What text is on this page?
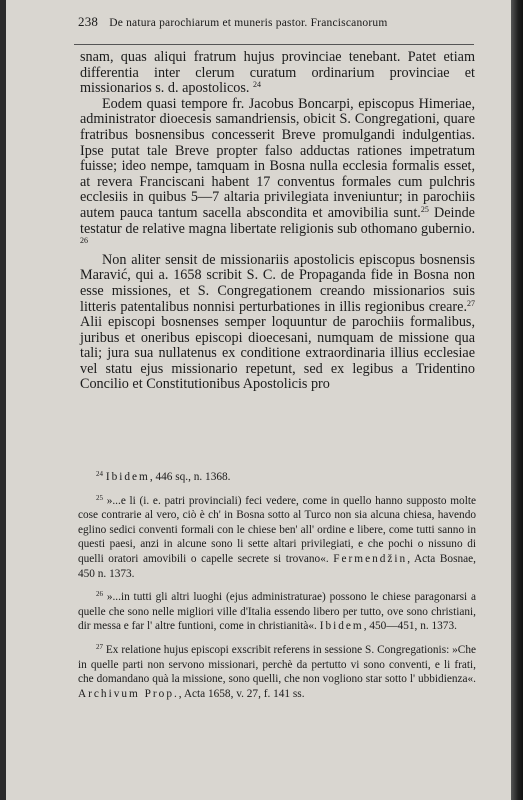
238 De natura parochiarum et muneris pastor. Franciscanorum

snam, quas aliqui fratrum hujus provinciae tenebant. Patet etiam differentia inter clerum curatum ordinarium provinciae et missionarios s. d. apostolicos. $^{24}$

Eodem quasi tempore fr. Jacobus Boncarpi, episcopus Himeriae, administrator dioecesis samandriensis, obicit S. Congregationi, quare fratribus bosnensibus concesserit Breve promulgandi indulgentias. Ipse putat tale Breve propter falso adductas rationes impetratum fuisse; ideo nempe, tamquam in Bosna nulla ecclesia formalis esset, at revera Franciscani habent 17 conventus formales cum pulchris ecclesiis in quibus 5—7 altaria privilegiata inveniuntur; in parochiis autem pauca tantum sacella abscondita et amovibilia sunt.$^{25}$ Deinde testatur de relative magna libertate religionis sub othomano gubernio. $^{26}$

Non aliter sensit de missionariis apostolicis episcopus bosnensis Maravić, qui a. 1658 scribit S. C. de Propaganda fide in Bosna non esse missiones, et S. Congregationem creando missionarios suis litteris patentalibus nonnisi perturbationes in illis regionibus creare.$^{27}$ Alii episcopi bosnenses semper loquuntur de parochiis formalibus, juribus et oneribus episcopi dioecesani, numquam de missione qua tali; jura sua nullatenus ex conditione extraordinaria illius ecclesiae vel statu ejus missionario repetunt, sed ex legibus a Tridentino Concilio et Constitutionibus Apostolicis pro

$^{24}$ Ibidem, 446 sq., n. 1368.

$^{25}$ »...e li (i. e. patri provinciali) feci vedere, come in quello hanno supposto molte cose contrarie al vero, ciò è ch' in Bosna sotto al Turco non sia alcuna chiesa, havendo eglino sedici conventi formali con le chiese ben' all' ordine e libere, come tutti sanno in questi paesi, anzi in alcune sono li sette altari privilegiati, e che pochi o nissuno di quelli oratori amovibili o capelle secrete si trovano«. Fermendžin, Acta Bosnae, 450 n. 1373.

$^{26}$ »...in tutti gli altri luoghi (ejus administraturae) possono le chiese paragonarsi a quelle che sono nelle migliori ville d'Italia essendo libero per tutto, ove sono christiani, dir messa e far l' altre funtioni, come in christianità«. Ibidem, 450—451, n. 1373.

$^{27}$ Ex relatione hujus episcopi exscribit referens in sessione S. Congregationis: »Che in quelle parti non servono missionari, perchè da pertutto vi sono conventi, e li frati, che domandano quà la missione, sono quelli, che non vogliono star sotto l' ubbidienza«. Archivum Prop., Acta 1658, v. 27, f. 141 ss.
